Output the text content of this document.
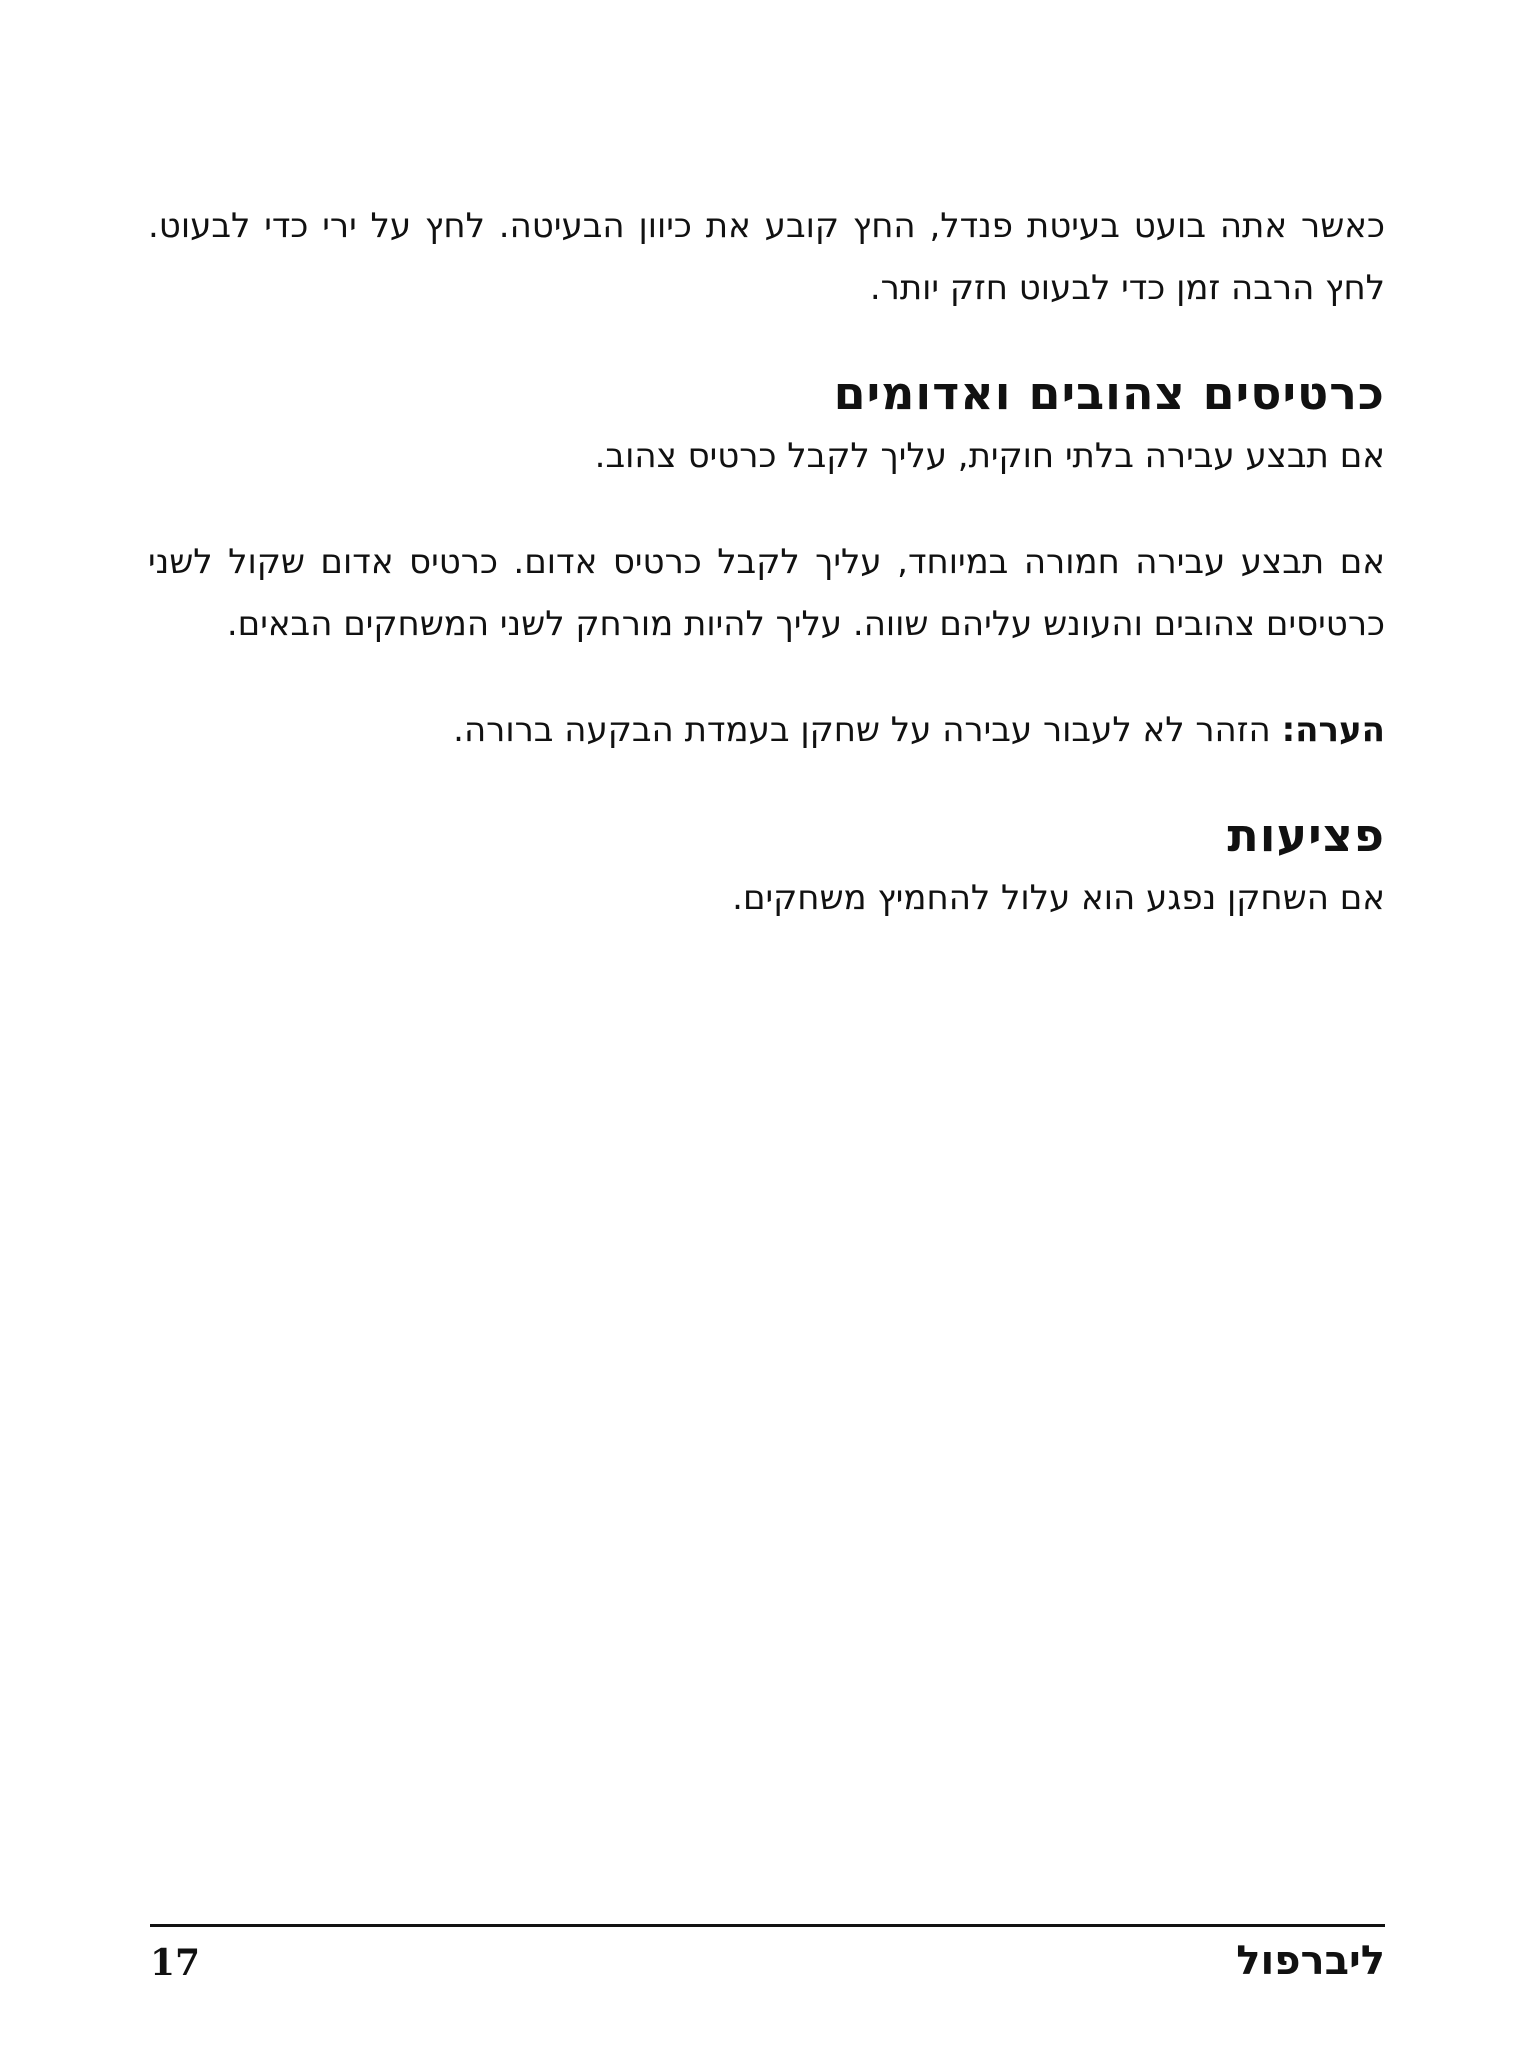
כאשר אתה בועט בעיטת פנדל, החץ קובע את כיוון הבעיטה. לחץ על ירי כדי לבעוט. לחץ הרבה זמן כדי לבעוט חזק יותר.

כרטיסים צהובים ואדומים

אם תבצע עבירה בלתי חוקית, עליך לקבל כרטיס צהוב.

אם תבצע עבירה חמורה במיוחד, עליך לקבל כרטיס אדום. כרטיס אדום שקול לשני כרטיסים צהובים והעונש עליהם שווה. עליך להיות מורחק לשני המשחקים הבאים.

הערה: הזהר לא לעבור עבירה על שחקן בעמדת הבקעה ברורה.

פציעות

אם השחקן נפגע הוא עלול להחמיץ משחקים.

ליברפול
17
